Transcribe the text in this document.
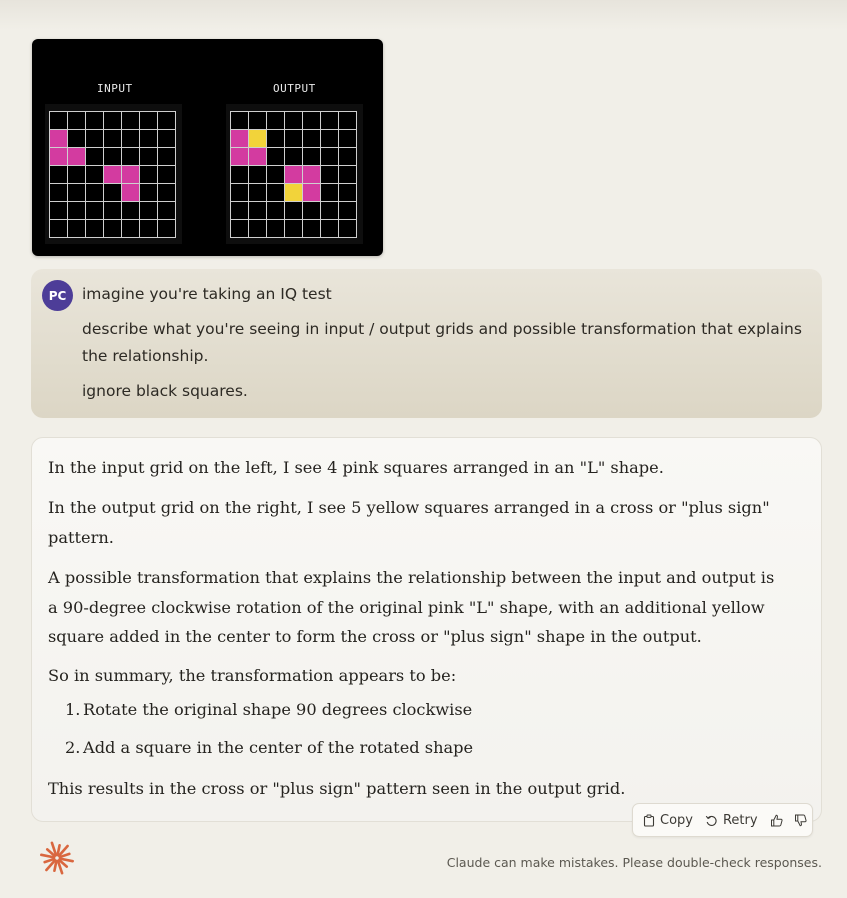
INPUT	OUTPUT
PC	imagine you're taking an IQ test
describe what you're seeing in input / output grids and possible transformation that explains the relationship.
ignore black squares.
In the input grid on the left, I see 4 pink squares arranged in an "L" shape.
In the output grid on the right, I see 5 yellow squares arranged in a cross or "plus sign" pattern.
A possible transformation that explains the relationship between the input and output is a 90-degree clockwise rotation of the original pink "L" shape, with an additional yellow square added in the center to form the cross or "plus sign" shape in the output.
So in summary, the transformation appears to be:
1. Rotate the original shape 90 degrees clockwise
2. Add a square in the center of the rotated shape
This results in the cross or "plus sign" pattern seen in the output grid.
Copy Retry
Claude can make mistakes. Please double-check responses.
